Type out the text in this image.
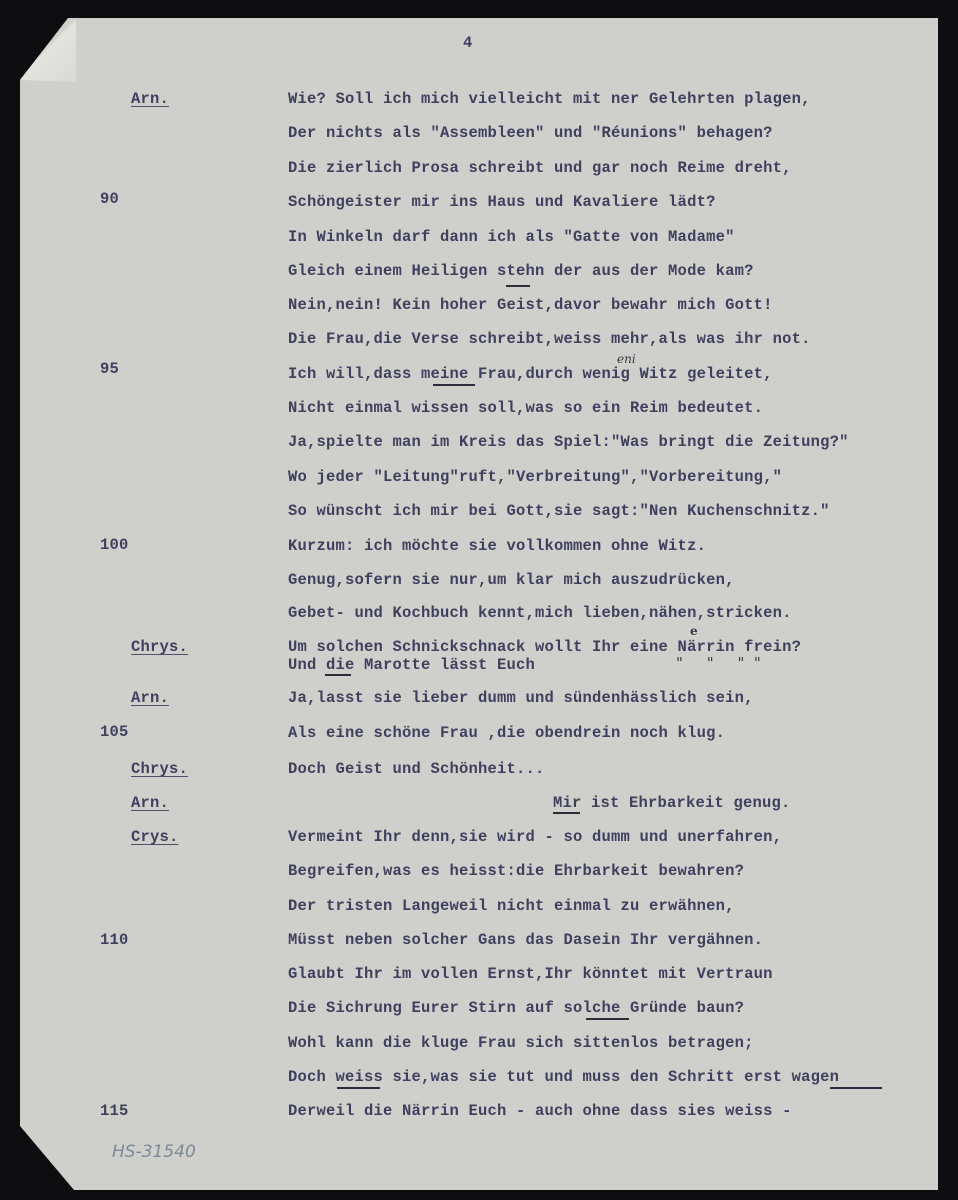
4
90
95
100
105
110
115
Arn.
Chrys.
Arn.
Chrys.
Arn.
Crys.
Wie? Soll ich mich vielleicht mit ner Gelehrten plagen,
Der nichts als "Assembleen" und "Réunions" behagen?
Die zierlich Prosa schreibt und gar noch Reime dreht,
Schöngeister mir ins Haus und Kavaliere lädt?
In Winkeln darf dann ich als "Gatte von Madame"
Gleich einem Heiligen stehn der aus der Mode kam?
Nein,nein! Kein hoher Geist,davor bewahr mich Gott!
Die Frau,die Verse schreibt,weiss mehr,als was ihr not.
Ich will,dass meine Frau,durch wenig Witz geleitet,
Nicht einmal wissen soll,was so ein Reim bedeutet.
Ja,spielte man im Kreis das Spiel:"Was bringt die Zeitung?"
Wo jeder "Leitung"ruft,"Verbreitung","Vorbereitung,"
So wünscht ich mir bei Gott,sie sagt:"Nen Kuchenschnitz."
Kurzum: ich möchte sie vollkommen ohne Witz.
Genug,sofern sie nur,um klar mich auszudrücken,
Gebet- und Kochbuch kennt,mich lieben,nähen,stricken.
Um solchen Schnickschnack wollt Ihr eine Närrin frein?
Und die Marotte lässt Euch
Ja,lasst sie lieber dumm und sündenhässlich sein,
Als eine schöne Frau ,die obendrein noch klug.
Doch Geist und Schönheit...
Mir ist Ehrbarkeit genug.
Vermeint Ihr denn,sie wird - so dumm und unerfahren,
Begreifen,was es heisst:die Ehrbarkeit bewahren?
Der tristen Langeweil nicht einmal zu erwähnen,
Müsst neben solcher Gans das Dasein Ihr vergähnen.
Glaubt Ihr im vollen Ernst,Ihr könntet mit Vertraun
Die Sichrung Eurer Stirn auf solche Gründe baun?
Wohl kann die kluge Frau sich sittenlos betragen;
Doch weiss sie,was sie tut und muss den Schritt erst wagen
Derweil die Närrin Euch - auch ohne dass sies weiss -
eni
e
"     "     "  "
HS-31540
